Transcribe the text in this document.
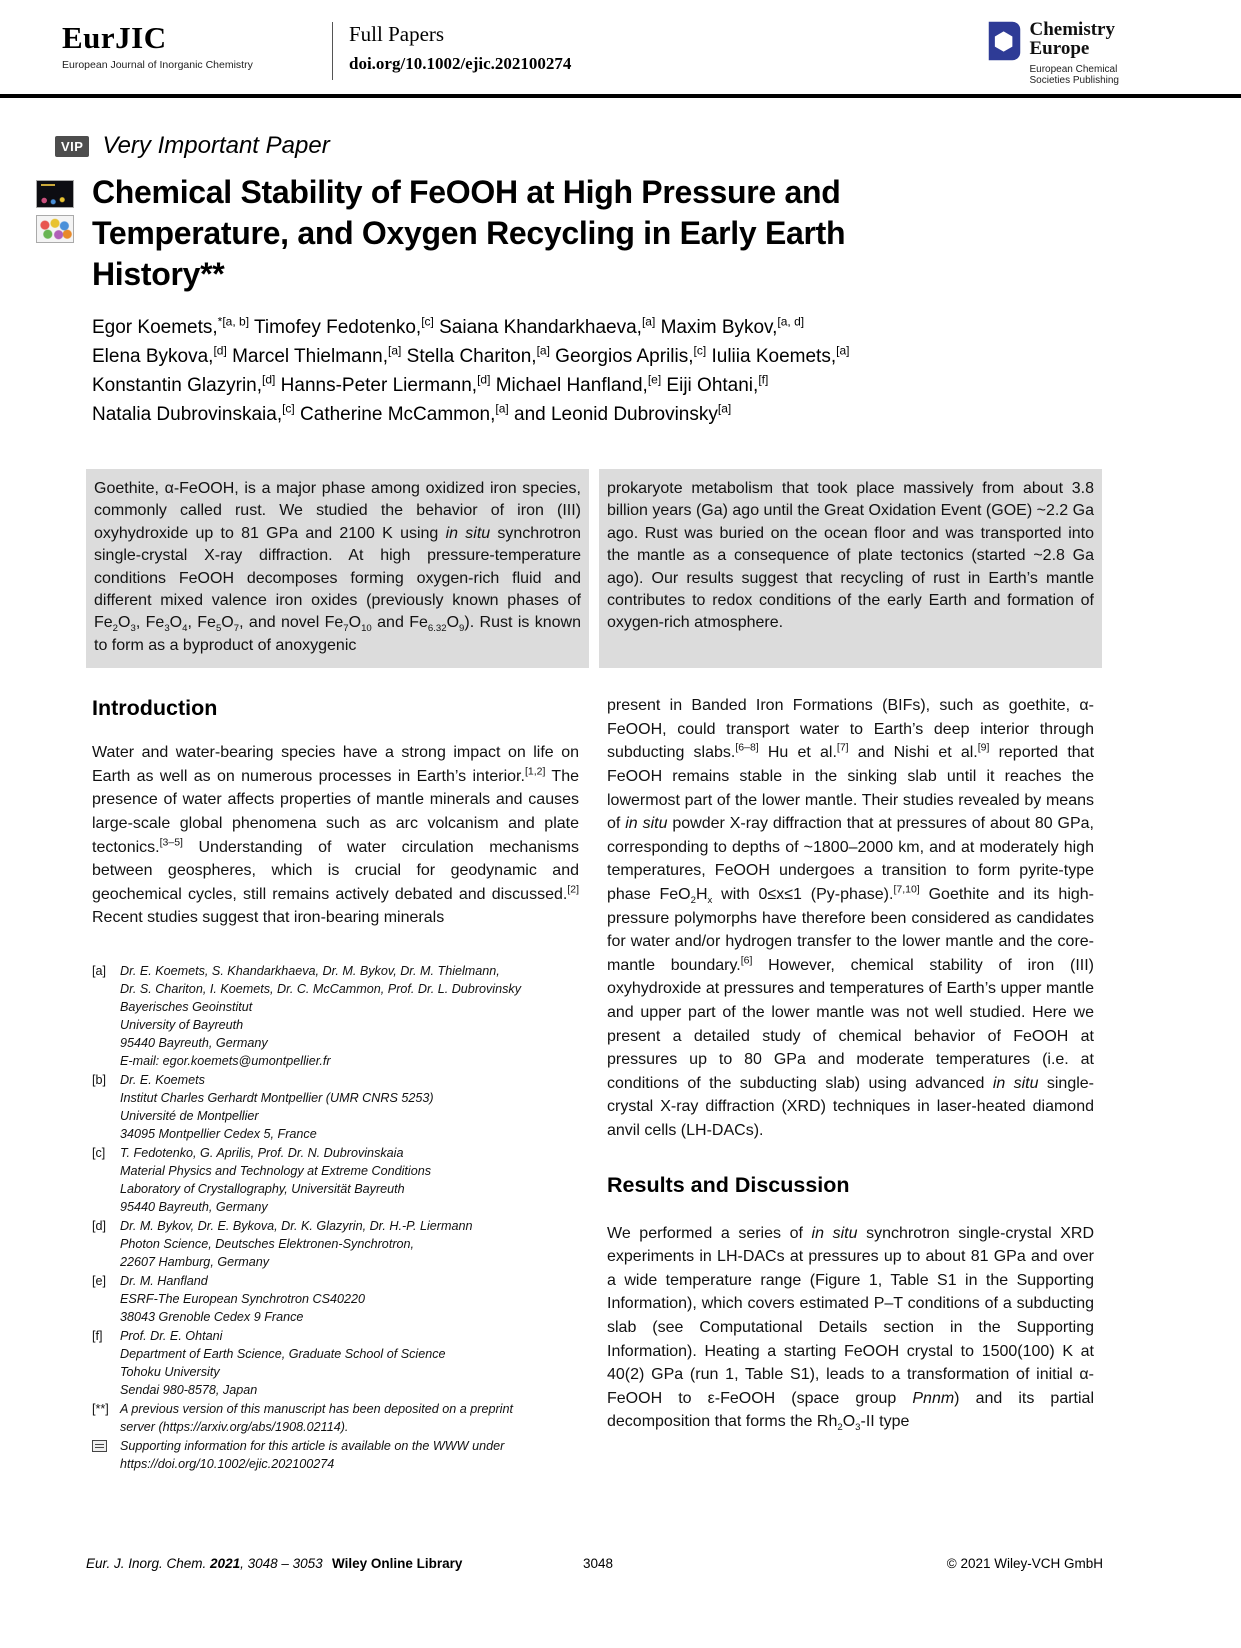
EurJIC
European Journal of Inorganic Chemistry
Full Papers
doi.org/10.1002/ejic.202100274
Chemistry
Europe
European Chemical
Societies Publishing
VIP Very Important Paper
Chemical Stability of FeOOH at High Pressure and Temperature, and Oxygen Recycling in Early Earth History**
Egor Koemets,$^{*[a, b]}$ Timofey Fedotenko,[c] Saiana Khandarkhaeva,[a] Maxim Bykov,[a, d]
Elena Bykova,[d] Marcel Thielmann,[a] Stella Chariton,[a] Georgios Aprilis,[c] Iuliia Koemets,[a]
Konstantin Glazyrin,[d] Hanns-Peter Liermann,[d] Michael Hanfland,[e] Eiji Ohtani,[f]
Natalia Dubrovinskaia,[c] Catherine McCammon,[a] and Leonid Dubrovinsky[a]
Goethite, α-FeOOH, is a major phase among oxidized iron species, commonly called rust. We studied the behavior of iron (III) oxyhydroxide up to 81 GPa and 2100 K using in situ synchrotron single-crystal X-ray diffraction. At high pressure-temperature conditions FeOOH decomposes forming oxygen-rich fluid and different mixed valence iron oxides (previously known phases of $Fe_2O_3$, $Fe_3O_4$, $Fe_5O_7$, and novel $Fe_7O_{10}$ and $Fe_{6.32}O_9$). Rust is known to form as a byproduct of anoxygenic
prokaryote metabolism that took place massively from about 3.8 billion years (Ga) ago until the Great Oxidation Event (GOE) ~2.2 Ga ago. Rust was buried on the ocean floor and was transported into the mantle as a consequence of plate tectonics (started ~2.8 Ga ago). Our results suggest that recycling of rust in Earth’s mantle contributes to redox conditions of the early Earth and formation of oxygen-rich atmosphere.
Introduction

Water and water-bearing species have a strong impact on life on Earth as well as on numerous processes in Earth’s interior.[1,2] The presence of water affects properties of mantle minerals and causes large-scale global phenomena such as arc volcanism and plate tectonics.[3–5] Understanding of water circulation mechanisms between geospheres, which is crucial for geodynamic and geochemical cycles, still remains actively debated and discussed.[2] Recent studies suggest that iron-bearing minerals

[a]	Dr. E. Koemets, S. Khandarkhaeva, Dr. M. Bykov, Dr. M. Thielmann,
Dr. S. Chariton, I. Koemets, Dr. C. McCammon, Prof. Dr. L. Dubrovinsky
Bayerisches Geoinstitut
University of Bayreuth
95440 Bayreuth, Germany
E-mail: egor.koemets@umontpellier.fr
[b]	Dr. E. Koemets
Institut Charles Gerhardt Montpellier (UMR CNRS 5253)
Université de Montpellier
34095 Montpellier Cedex 5, France
[c]	T. Fedotenko, G. Aprilis, Prof. Dr. N. Dubrovinskaia
Material Physics and Technology at Extreme Conditions
Laboratory of Crystallography, Universität Bayreuth
95440 Bayreuth, Germany
[d]	Dr. M. Bykov, Dr. E. Bykova, Dr. K. Glazyrin, Dr. H.-P. Liermann
Photon Science, Deutsches Elektronen-Synchrotron,
22607 Hamburg, Germany
[e]	Dr. M. Hanfland
ESRF-The European Synchrotron CS40220
38043 Grenoble Cedex 9 France
[f]	Prof. Dr. E. Ohtani
Department of Earth Science, Graduate School of Science
Tohoku University
Sendai 980-8578, Japan
[**] A previous version of this manuscript has been deposited on a preprint
server (https://arxiv.org/abs/1908.02114).
Supporting information for this article is available on the WWW under
https://doi.org/10.1002/ejic.202100274

present in Banded Iron Formations (BIFs), such as goethite, α-FeOOH, could transport water to Earth’s deep interior through subducting slabs.[6–8] Hu et al.[7] and Nishi et al.[9] reported that FeOOH remains stable in the sinking slab until it reaches the lowermost part of the lower mantle. Their studies revealed by means of in situ powder X-ray diffraction that at pressures of about 80 GPa, corresponding to depths of ~1800–2000 km, and at moderately high temperatures, FeOOH undergoes a transition to form pyrite-type phase $FeO_2H_x$ with 0≤x≤1 (Py-phase).[7,10] Goethite and its high-pressure polymorphs have therefore been considered as candidates for water and/or hydrogen transfer to the lower mantle and the core-mantle boundary.[6] However, chemical stability of iron (III) oxyhydroxide at pressures and temperatures of Earth’s upper mantle and upper part of the lower mantle was not well studied. Here we present a detailed study of chemical behavior of FeOOH at pressures up to 80 GPa and moderate temperatures (i.e. at conditions of the subducting slab) using advanced in situ single-crystal X-ray diffraction (XRD) techniques in laser-heated diamond anvil cells (LH-DACs).

Results and Discussion

We performed a series of in situ synchrotron single-crystal XRD experiments in LH-DACs at pressures up to about 81 GPa and over a wide temperature range (Figure 1, Table S1 in the Supporting Information), which covers estimated P–T conditions of a subducting slab (see Computational Details section in the Supporting Information). Heating a starting FeOOH crystal to 1500(100) K at 40(2) GPa (run 1, Table S1), leads to a transformation of initial α-FeOOH to ε-FeOOH (space group Pnnm) and its partial decomposition that forms the $Rh_2O_3-II$ type

Eur. J. Inorg. Chem. 2021, 3048 – 3053 Wiley Online Library	3048	© 2021 Wiley-VCH GmbH
